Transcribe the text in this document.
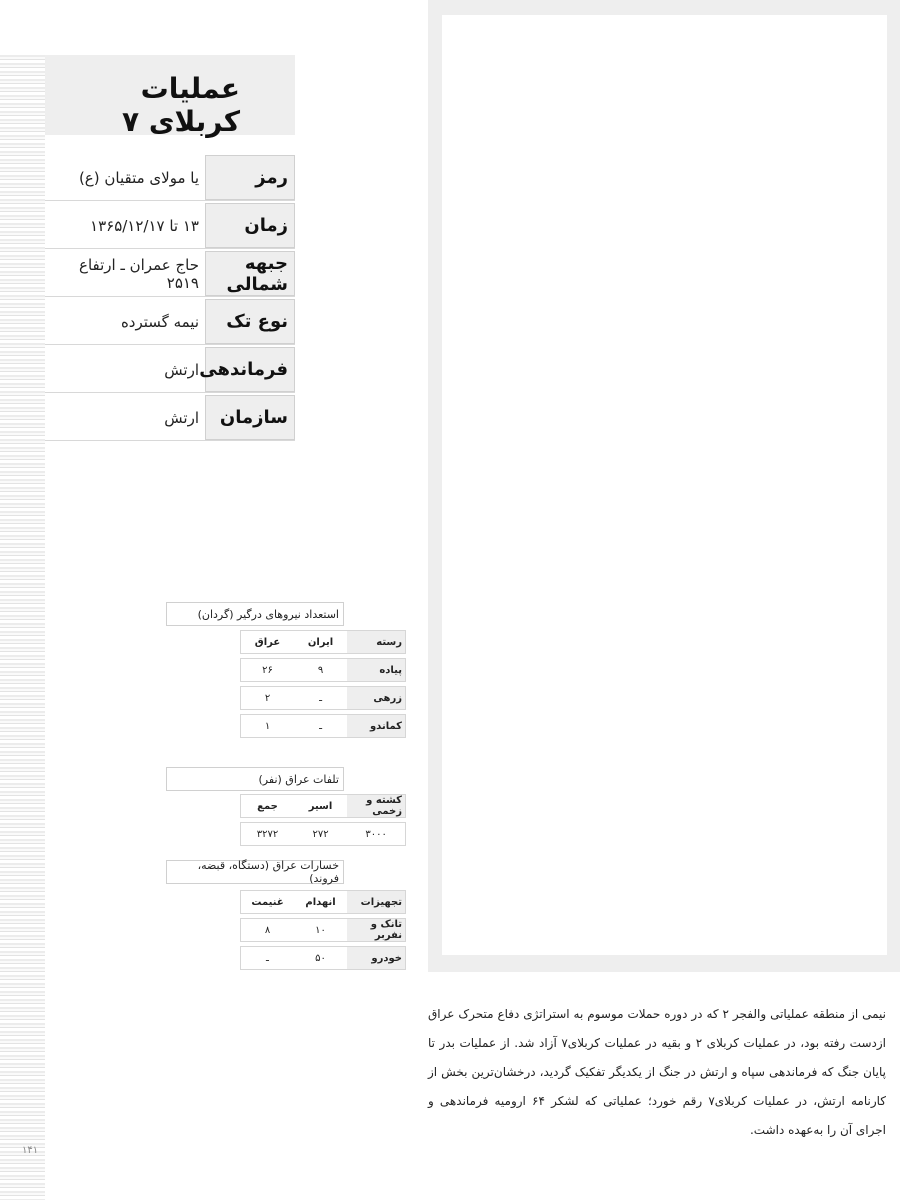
عملیات کربلای ۷
رمز
یا مولای متقیان (ع)
زمان
۱۳ تا ۱۳۶۵/۱۲/۱۷
جبهه شمالی
حاج عمران ـ ارتفاع ۲۵۱۹
نوع تک
نیمه گسترده
فرماندهی
ارتش
سازمان
ارتش
استعداد نیروهای درگیر (گردان)
رسته
ایران
عراق
پیاده
۹
۲۶
زرهی
ـ
۲
کماندو
ـ
۱
تلفات عراق (نفر)
کشته و زخمی
اسیر
جمع
۳۰۰۰
۲۷۲
۳۲۷۲
خسارات عراق (دستگاه، قبضه، فروند)
تجهیزات
انهدام
غنیمت
تانک و نفربر
۱۰
۸
خودرو
۵۰
ـ
نیمی از منطقه عملیاتی والفجر ۲ که در دوره حملات موسوم به استراتژی دفاع متحرک عراق ازدست رفته بود، در عملیات کربلای ۲ و بقیه در عملیات کربلای۷ آزاد شد. از عملیات بدر تا پایان جنگ که فرماندهی سپاه و ارتش در جنگ از یکدیگر تفکیک گردید، درخشان‌ترین بخش از کارنامه ارتش، در عملیات کربلای۷ رقم خورد؛ عملیاتی که لشکر ۶۴ ارومیه فرماندهی و اجرای آن را به‌عهده داشت.
۱۴۱
